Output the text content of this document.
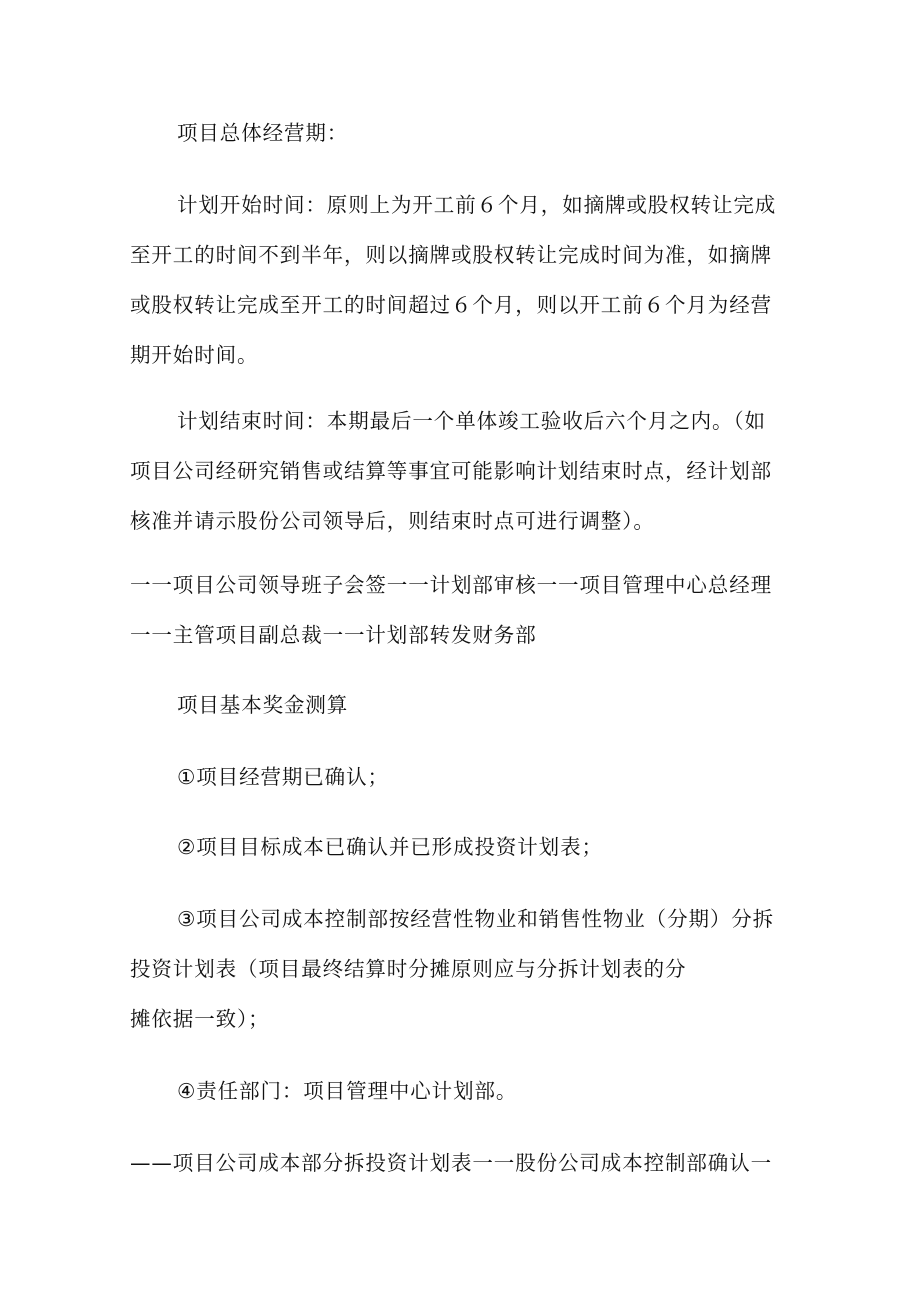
项目总体经营期：

计划开始时间：原则上为开工前６个月，如摘牌或股权转让完成
至开工的时间不到半年，则以摘牌或股权转让完成时间为准，如摘牌
或股权转让完成至开工的时间超过６个月，则以开工前６个月为经营
期开始时间。

计划结束时间：本期最后一个单体竣工验收后六个月之内。（如
项目公司经研究销售或结算等事宜可能影响计划结束时点，经计划部
核准并请示股份公司领导后，则结束时点可进行调整）。

一一项目公司领导班子会签一一计划部审核一一项目管理中心总经理
一一主管项目副总裁一一计划部转发财务部

项目基本奖金测算

①项目经营期已确认；

②项目目标成本已确认并已形成投资计划表；

③项目公司成本控制部按经营性物业和销售性物业（分期）分拆
投资计划表（项目最终结算时分摊原则应与分拆计划表的分
摊依据一致）；

④责任部门：项目管理中心计划部。

——项目公司成本部分拆投资计划表一一股份公司成本控制部确认一
